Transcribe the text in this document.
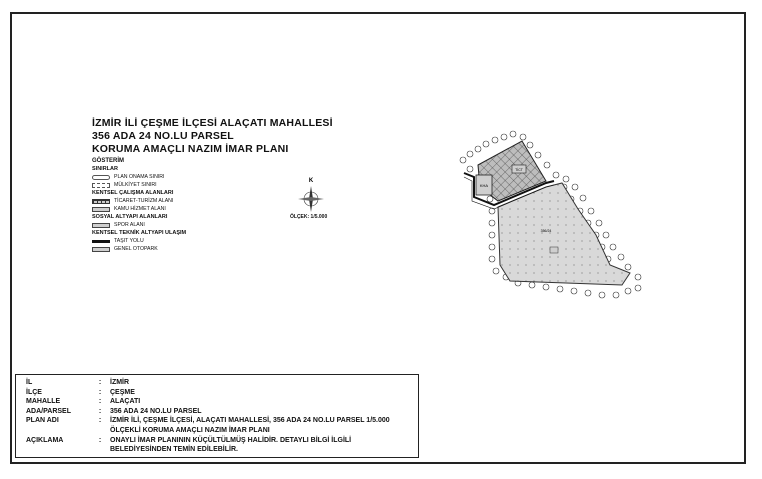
İZMİR İLİ ÇEŞME İLÇESİ ALAÇATI MAHALLESİ
356 ADA 24 NO.LU PARSEL
KORUMA AMAÇLI NAZIM İMAR PLANI
GÖSTERİM
SINIRLAR
PLAN ONAMA SINIRI
MÜLKİYET SINIRI
KENTSEL ÇALIŞMA ALANLARI
TİCARET-TURİZM ALANI
KAMU HİZMET ALANI
SOSYAL ALTYAPI ALANLARI
SPOR ALANI
KENTSEL TEKNİK ALTYAPI ULAŞIM
TAŞIT YOLU
GENEL OTOPARK
K
ÖLÇEK: 1/5.000
KHA
TİCT
356/24
İL	:	İZMİR
İLÇE	:	ÇEŞME
MAHALLE	:	ALAÇATI
ADA/PARSEL	:	356 ADA 24 NO.LU PARSEL
PLAN ADI	:	İZMİR İLİ, ÇEŞME İLÇESİ, ALAÇATI MAHALLESİ, 356 ADA 24 NO.LU PARSEL 1/5.000 ÖLÇEKLİ KORUMA AMAÇLI NAZIM İMAR PLANI
AÇIKLAMA	:	ONAYLI İMAR PLANININ KÜÇÜLTÜLMÜŞ HALİDİR. DETAYLI BİLGİ İLGİLİ BELEDİYESİNDEN TEMİN EDİLEBİLİR.
